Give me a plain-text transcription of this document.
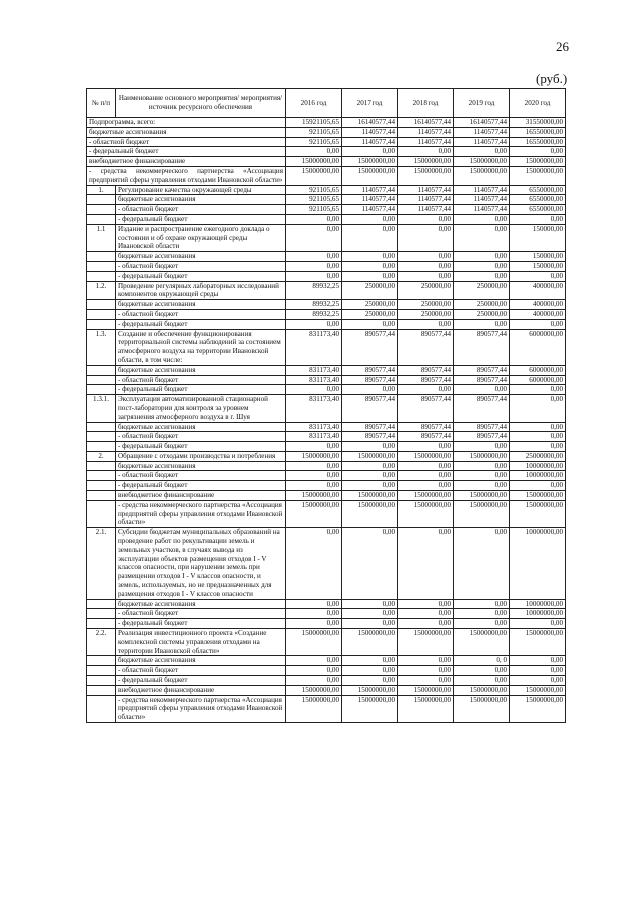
26
(руб.)
№ п/п	Наименование основного мероприятия/ мероприятия/источник ресурсного обеспечения	2016 год	2017 год	2018 год	2019 год	2020 год
Подпрограмма, всего:		15921105,65	16140577,44	16140577,44	16140577,44	31550000,00
бюджетные ассигнования		921105,65	1140577,44	1140577,44	1140577,44	16550000,00
- областной бюджет		921105,65	1140577,44	1140577,44	1140577,44	16550000,00
- федеральный бюджет		0,00	0,00	0,00	0,00	0,00
внебюджетное финансирование		15000000,00	15000000,00	15000000,00	15000000,00	15000000,00
- средства некоммерческого партнерства «Ассоциация предприятий сферы управления отходами Ивановской области»		15000000,00	15000000,00	15000000,00	15000000,00	15000000,00
1.	Регулирование качества окружающей среды	921105,65	1140577,44	1140577,44	1140577,44	6550000,00
	бюджетные ассигнования	921105,65	1140577,44	1140577,44	1140577,44	6550000,00
	- областной бюджет	921105,65	1140577,44	1140577,44	1140577,44	6550000,00
	- федеральный бюджет	0,00	0,00	0,00	0,00	0,00
1.1	Издание и распространение ежегодного доклада о состоянии и об охране окружающей среды Ивановской области	0,00	0,00	0,00	0,00	150000,00
	бюджетные ассигнования	0,00	0,00	0,00	0,00	150000,00
	- областной бюджет	0,00	0,00	0,00	0,00	150000,00
	- федеральный бюджет	0,00	0,00	0,00	0,00	0,00
1.2.	Проведение регулярных лабораторных исследований компонентов окружающей среды	89932,25	250000,00	250000,00	250000,00	400000,00
	бюджетные ассигнования	89932,25	250000,00	250000,00	250000,00	400000,00
	- областной бюджет	89932,25	250000,00	250000,00	250000,00	400000,00
	- федеральный бюджет	0,00	0,00	0,00	0,00	0,00
1.3.	Создание и обеспечение функционирования территориальной системы наблюдений за состоянием атмосферного воздуха на территории Ивановской области, в том числе:	831173,40	890577,44	890577,44	890577,44	6000000,00
	бюджетные ассигнования	831173,40	890577,44	890577,44	890577,44	6000000,00
	- областной бюджет	831173,40	890577,44	890577,44	890577,44	6000000,00
	- федеральный бюджет	0,00	0,00	0,00	0,00	0,00
1.3.1.	Эксплуатация автоматизированной стационарной пост-лаборатории для контроля за уровнем загрязнения атмосферного воздуха в г. Шуя	831173,40	890577,44	890577,44	890577,44	0,00
	бюджетные ассигнования	831173,40	890577,44	890577,44	890577,44	0,00
	- областной бюджет	831173,40	890577,44	890577,44	890577,44	0,00
	- федеральный бюджет	0,00	0,00	0,00	0,00	0,00
2.	Обращение с отходами производства и потребления	15000000,00	15000000,00	15000000,00	15000000,00	25000000,00
	бюджетные ассигнования	0,00	0,00	0,00	0,00	10000000,00
	- областной бюджет	0,00	0,00	0,00	0,00	10000000,00
	- федеральный бюджет	0,00	0,00	0,00	0,00	0,00
	внебюджетное финансирование	15000000,00	15000000,00	15000000,00	15000000,00	15000000,00
	- средства некоммерческого партнерства «Ассоциация предприятий сферы управления отходами Ивановской области»	15000000,00	15000000,00	15000000,00	15000000,00	15000000,00
2.1.	Субсидии бюджетам муниципальных образований на проведение работ по рекультивации земель и земельных участков, в случаях вывода из эксплуатации объектов размещения отходов I - V классов опасности, при нарушении земель при размещении отходов I - V классов опасности, и земель, используемых, но не предназначенных для размещения отходов I - V классов опасности	0,00	0,00	0,00	0,00	10000000,00
	бюджетные ассигнования	0,00	0,00	0,00	0,00	10000000,00
	- областной бюджет	0,00	0,00	0,00	0,00	10000000,00
	- федеральный бюджет	0,00	0,00	0,00	0,00	0,00
2.2.	Реализация инвестиционного проекта «Создание комплексной системы управления отходами на территории Ивановской области»	15000000,00	15000000,00	15000000,00	15000000,00	15000000,00
	бюджетные ассигнования	0,00	0,00	0,00	0, 0	0,00
	- областной бюджет	0,00	0,00	0,00	0,00	0,00
	- федеральный бюджет	0,00	0,00	0,00	0,00	0,00
	внебюджетное финансирование	15000000,00	15000000,00	15000000,00	15000000,00	15000000,00
	- средства некоммерческого партнерства «Ассоциация предприятий сферы управления отходами Ивановской области»	15000000,00	15000000,00	15000000,00	15000000,00	15000000,00
